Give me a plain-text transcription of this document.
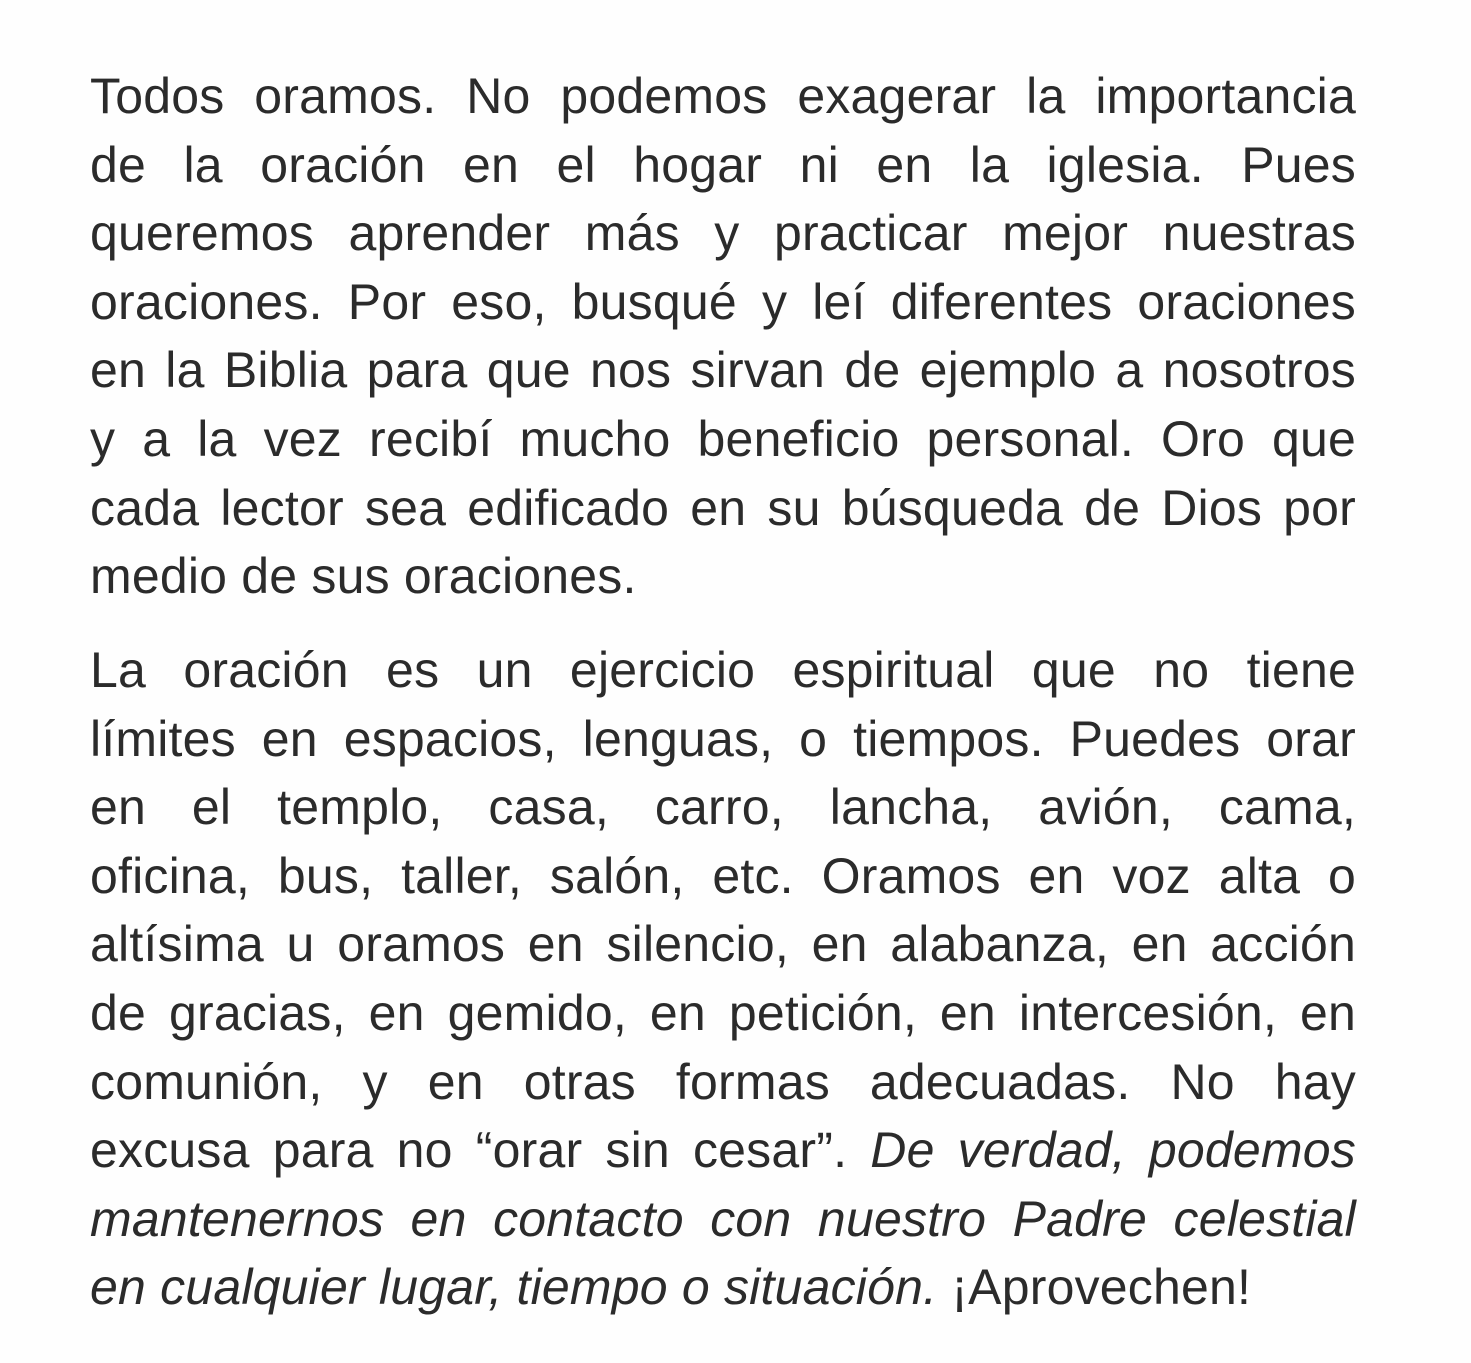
Todos oramos. No podemos exagerar la importancia
de la oración en el hogar ni en la iglesia. Pues
queremos aprender más y practicar mejor nuestras
oraciones. Por eso, busqué y leí diferentes oraciones
en la Biblia para que nos sirvan de ejemplo a nosotros
y a la vez recibí mucho beneficio personal. Oro que
cada lector sea edificado en su búsqueda de Dios por
medio de sus oraciones.
La oración es un ejercicio espiritual que no tiene
límites en espacios, lenguas, o tiempos. Puedes orar
en el templo, casa, carro, lancha, avión, cama,
oficina, bus, taller, salón, etc. Oramos en voz alta o
altísima u oramos en silencio, en alabanza, en acción
de gracias, en gemido, en petición, en intercesión, en
comunión, y en otras formas adecuadas. No hay
excusa para no “orar sin cesar”. De verdad, podemos
mantenernos en contacto con nuestro Padre celestial
en cualquier lugar, tiempo o situación. ¡Aprovechen!
